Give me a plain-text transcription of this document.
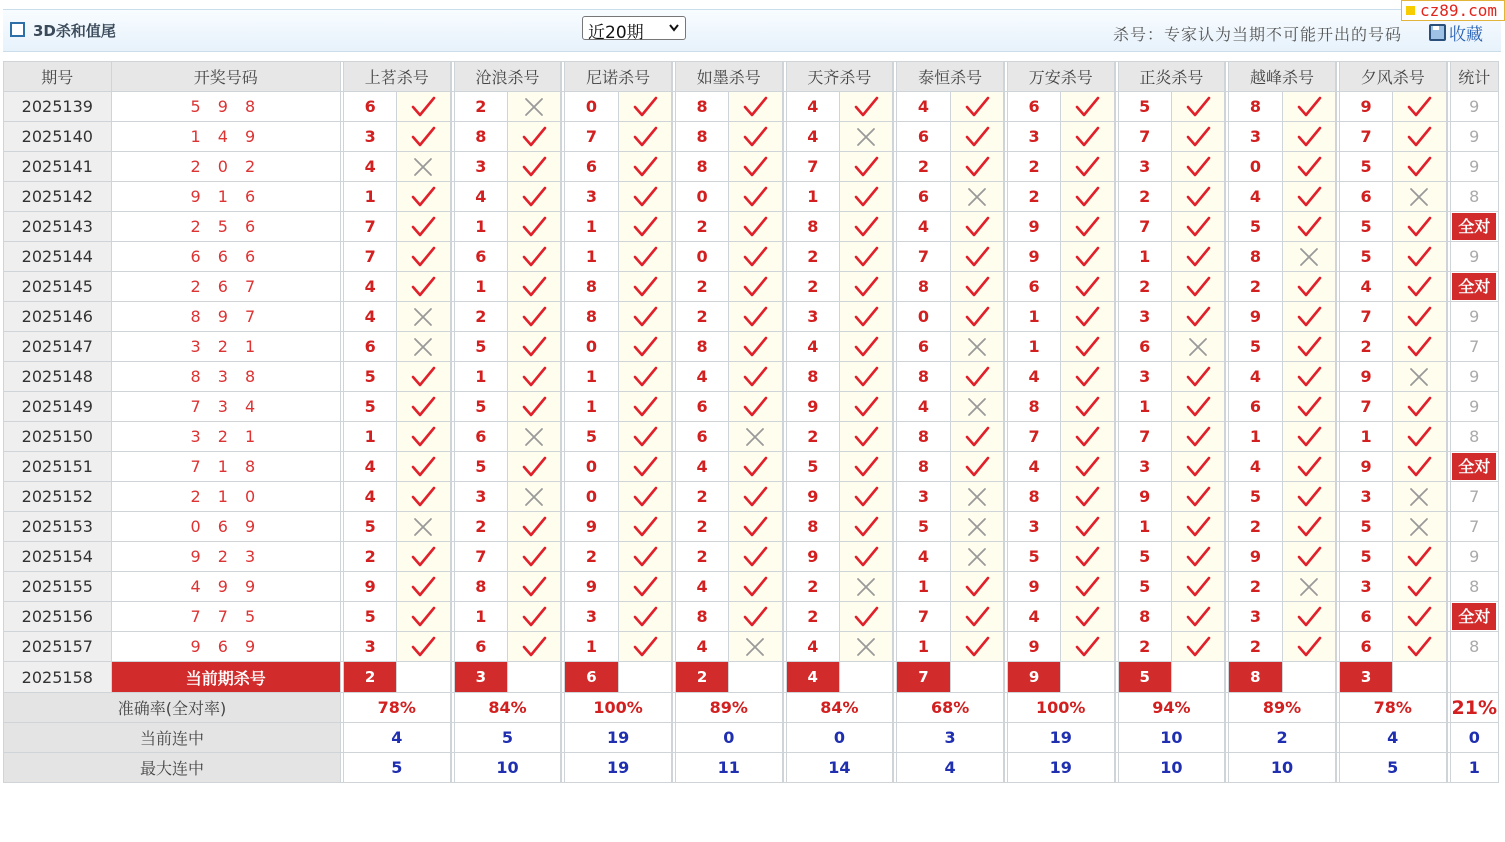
3D杀和值尾	近20期	杀号：专家认为当期不可能开出的号码	收藏
cz89.com
期号	开奖号码		上茗杀号			沧浪杀号			尼诺杀号			如墨杀号			天齐杀号			泰恒杀号			万安杀号			正炎杀号			越峰杀号			夕风杀号			统计
2025139	5 9 8		6				2				0				8				4				4				6				5				8				9				9
2025140	1 4 9		3				8				7				8				4				6				3				7				3				7				9
2025141	2 0 2		4				3				6				8				7				2				2				3				0				5				9
2025142	9 1 6		1				4				3				0				1				6				2				2				4				6				8
2025143	2 5 6		7				1				1				2				8				4				9				7				5				5				全对
2025144	6 6 6		7				6				1				0				2				7				9				1				8				5				9
2025145	2 6 7		4				1				8				2				2				8				6				2				2				4				全对
2025146	8 9 7		4				2				8				2				3				0				1				3				9				7				9
2025147	3 2 1		6				5				0				8				4				6				1				6				5				2				7
2025148	8 3 8		5				1				1				4				8				8				4				3				4				9				9
2025149	7 3 4		5				5				1				6				9				4				8				1				6				7				9
2025150	3 2 1		1				6				5				6				2				8				7				7				1				1				8
2025151	7 1 8		4				5				0				4				5				8				4				3				4				9				全对
2025152	2 1 0		4				3				0				2				9				3				8				9				5				3				7
2025153	0 6 9		5				2				9				2				8				5				3				1				2				5				7
2025154	9 2 3		2				7				2				2				9				4				5				5				9				5				9
2025155	4 9 9		9				8				9				4				2				1				9				5				2				3				8
2025156	7 7 5		5				1				3				8				2				7				4				8				3				6				全对
2025157	9 6 9		3				6				1				4				4				1				9				2				2				6				8
2025158	当前期杀号		2				3				6				2				4				7				9				5				8				3			

准确率(全对率)			78%			84%			100%			89%			84%			68%			100%			94%			89%			78%			21%
当前连中			4			5			19			0			0			3			19			10			2			4			0
最大连中			5			10			19			11			14			4			19			10			10			5			1
